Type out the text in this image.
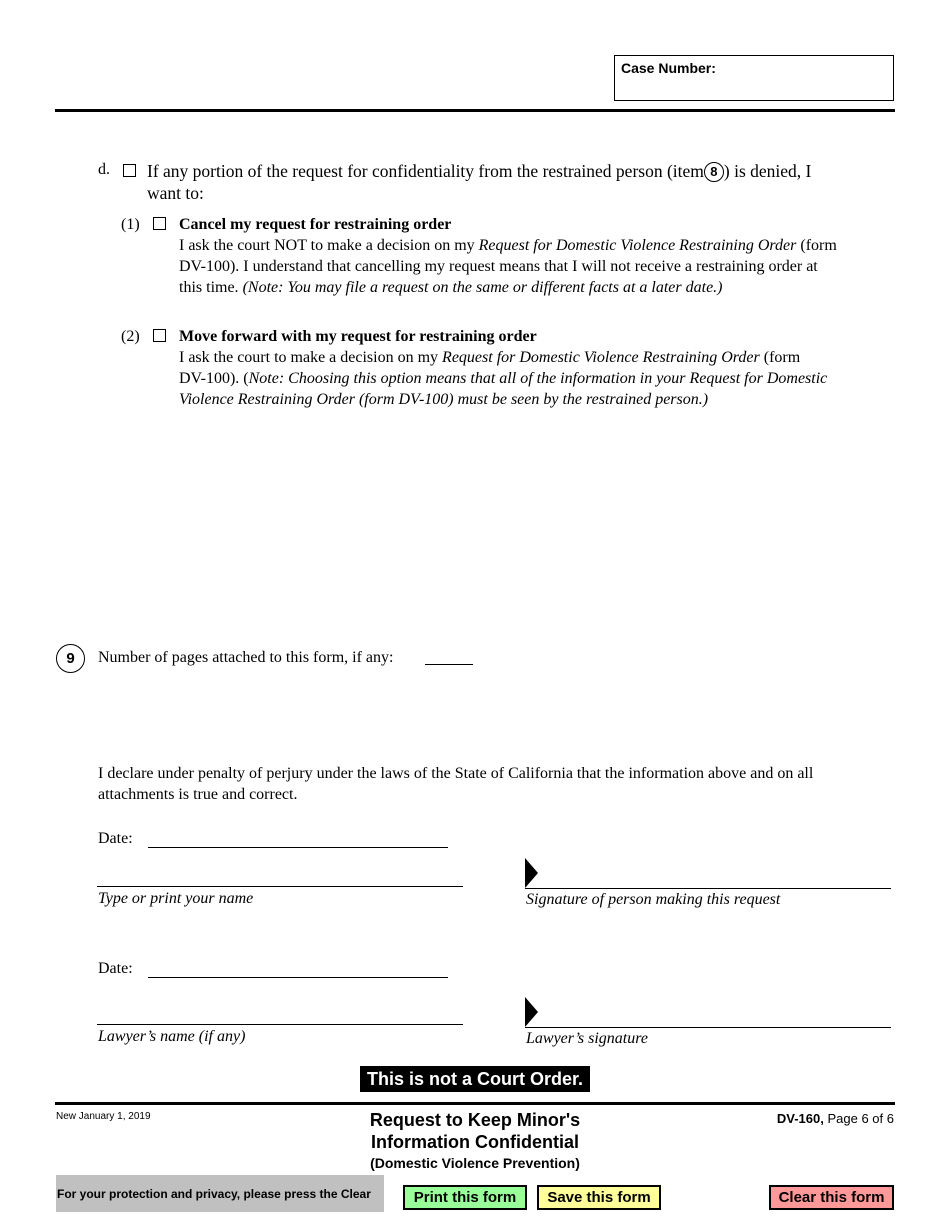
Case Number:
d. If any portion of the request for confidentiality from the restrained person (item 8 ) is denied, I
want to:
(1) Cancel my request for restraining order
I ask the court NOT to make a decision on my Request for Domestic Violence Restraining Order (form
DV-100). I understand that cancelling my request means that I will not receive a restraining order at
this time. (Note: You may file a request on the same or different facts at a later date.)
(2) Move forward with my request for restraining order
I ask the court to make a decision on my Request for Domestic Violence Restraining Order (form
DV-100). (Note: Choosing this option means that all of the information in your Request for Domestic
Violence Restraining Order (form DV-100) must be seen by the restrained person.)
9 Number of pages attached to this form, if any:
I declare under penalty of perjury under the laws of the State of California that the information above and on all
attachments is true and correct.
Date:
Type or print your name	Signature of person making this request
Date:
Lawyer’s name (if any)	Lawyer’s signature
This is not a Court Order.
New January 1, 2019	Request to Keep Minor's
Information Confidential
(Domestic Violence Prevention)
DV-160, Page 6 of 6
For your protection and privacy, please press the Clear	Print this form Save this form	Clear this form
